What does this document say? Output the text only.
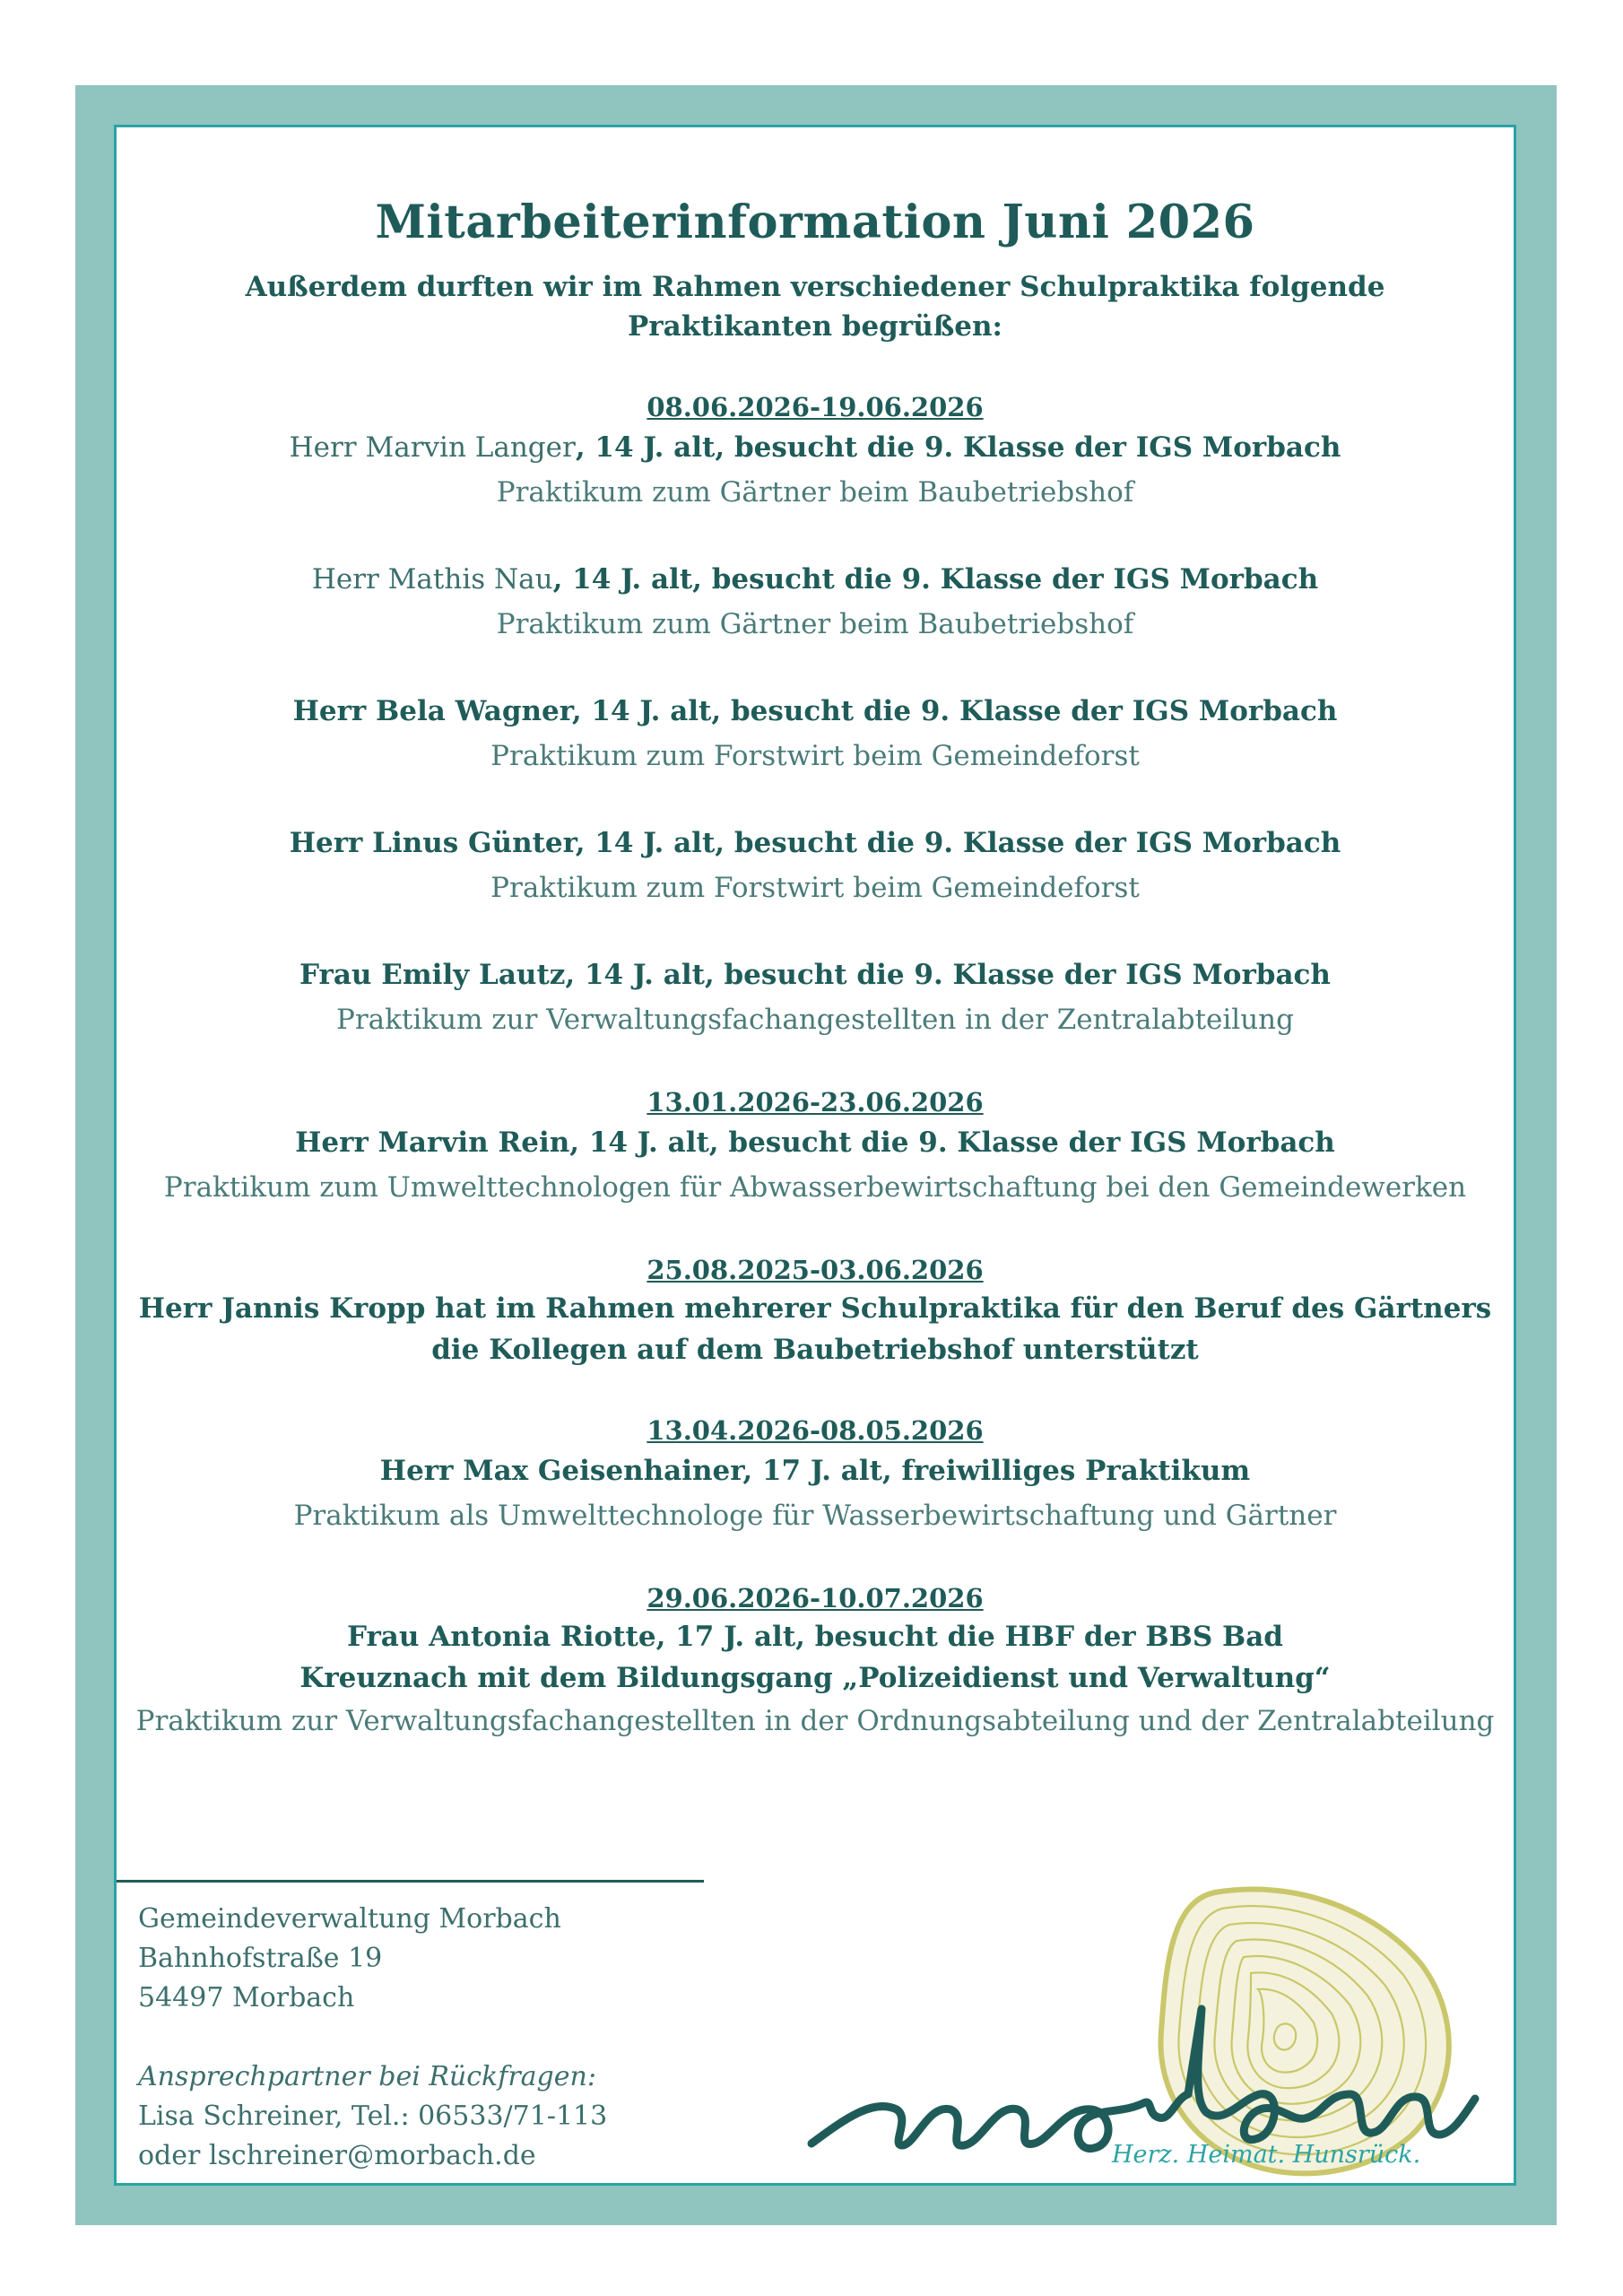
Mitarbeiterinformation Juni 2026
Außerdem durften wir im Rahmen verschiedener Schulpraktika folgende Praktikanten begrüßen:
08.06.2026-19.06.2026
Herr Marvin Langer, 14 J. alt, besucht die 9. Klasse der IGS Morbach
Praktikum zum Gärtner beim Baubetriebshof
Herr Mathis Nau, 14 J. alt, besucht die 9. Klasse der IGS Morbach
Praktikum zum Gärtner beim Baubetriebshof
Herr Bela Wagner, 14 J. alt, besucht die 9. Klasse der IGS Morbach
Praktikum zum Forstwirt beim Gemeindeforst
Herr Linus Günter, 14 J. alt, besucht die 9. Klasse der IGS Morbach
Praktikum zum Forstwirt beim Gemeindeforst
Frau Emily Lautz, 14 J. alt, besucht die 9. Klasse der IGS Morbach
Praktikum zur Verwaltungsfachangestellten in der Zentralabteilung
13.01.2026-23.06.2026
Herr Marvin Rein, 14 J. alt, besucht die 9. Klasse der IGS Morbach
Praktikum zum Umwelttechnologen für Abwasserbewirtschaftung bei den Gemeindewerken
25.08.2025-03.06.2026
Herr Jannis Kropp hat im Rahmen mehrerer Schulpraktika für den Beruf des Gärtners die Kollegen auf dem Baubetriebshof unterstützt
13.04.2026-08.05.2026
Herr Max Geisenhainer, 17 J. alt, freiwilliges Praktikum
Praktikum als Umwelttechnologe für Wasserbewirtschaftung und Gärtner
29.06.2026-10.07.2026
Frau Antonia Riotte, 17 J. alt, besucht die HBF der BBS Bad Kreuznach mit dem Bildungsgang „Polizeidienst und Verwaltung“
Praktikum zur Verwaltungsfachangestellten in der Ordnungsabteilung und der Zentralabteilung
Gemeindeverwaltung Morbach
Bahnhofstraße 19
54497 Morbach
Ansprechpartner bei Rückfragen:
Lisa Schreiner, Tel.: 06533/71-113
oder lschreiner@morbach.de	Herz. Heimat. Hunsrück.
